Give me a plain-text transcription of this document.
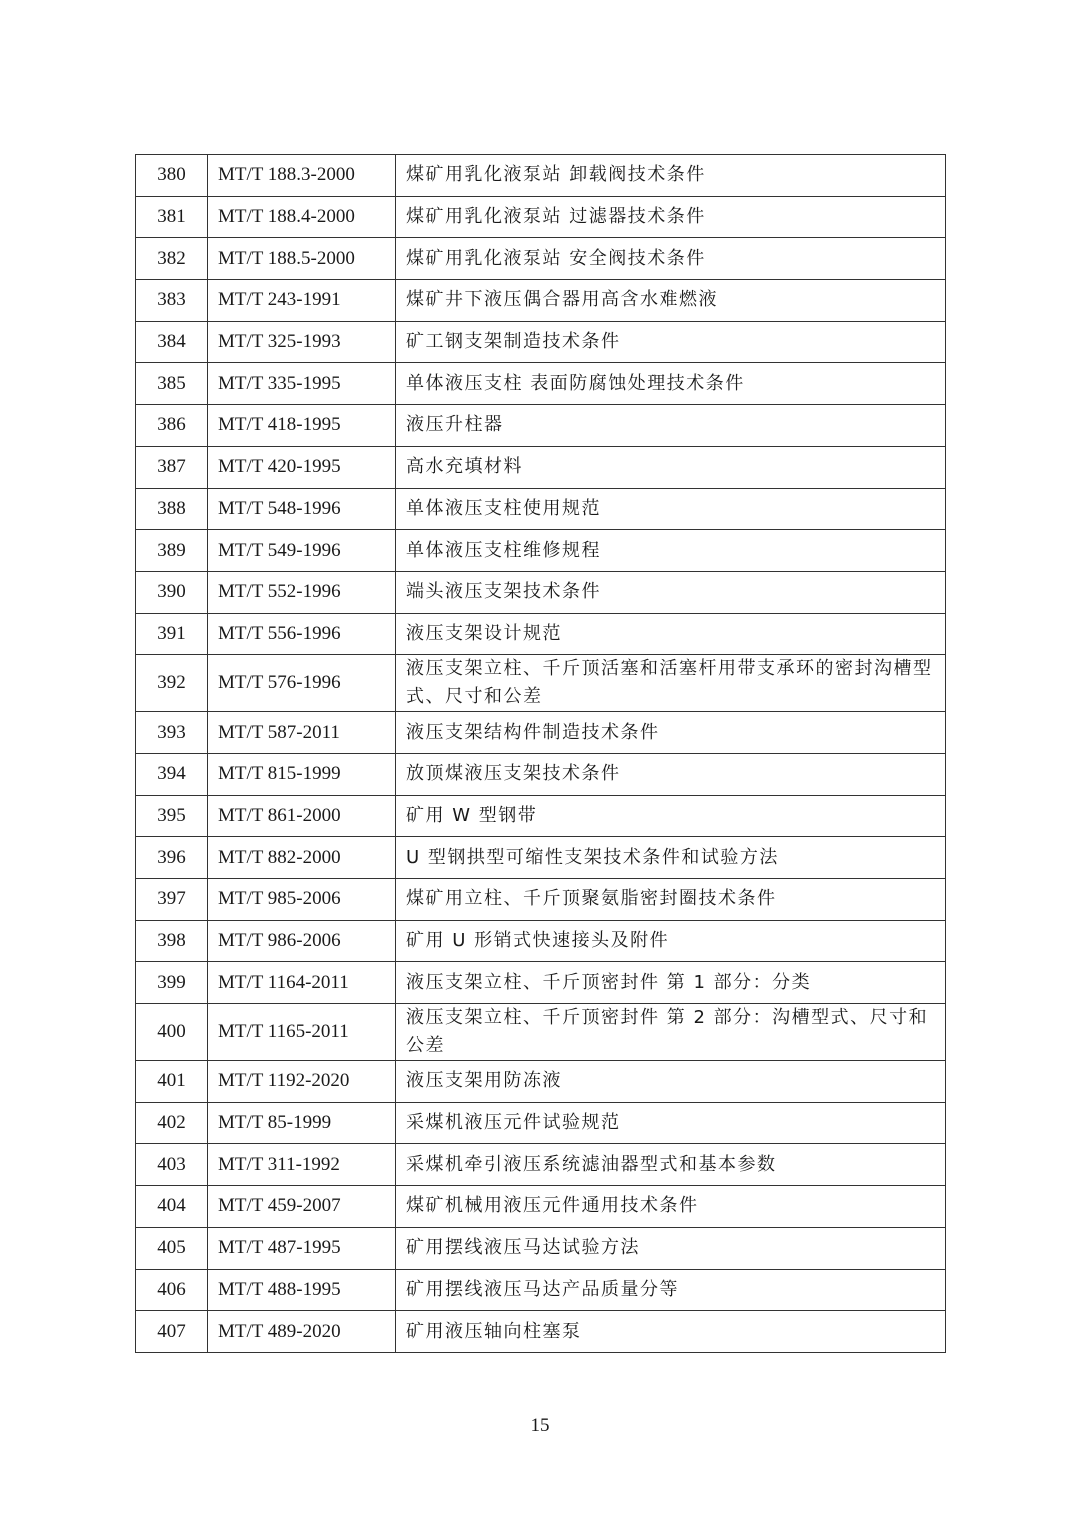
380	MT/T 188.3-2000	煤矿用乳化液泵站 卸载阀技术条件
381	MT/T 188.4-2000	煤矿用乳化液泵站 过滤器技术条件
382	MT/T 188.5-2000	煤矿用乳化液泵站 安全阀技术条件
383	MT/T 243-1991	煤矿井下液压偶合器用高含水难燃液
384	MT/T 325-1993	矿工钢支架制造技术条件
385	MT/T 335-1995	单体液压支柱 表面防腐蚀处理技术条件
386	MT/T 418-1995	液压升柱器
387	MT/T 420-1995	高水充填材料
388	MT/T 548-1996	单体液压支柱使用规范
389	MT/T 549-1996	单体液压支柱维修规程
390	MT/T 552-1996	端头液压支架技术条件
391	MT/T 556-1996	液压支架设计规范
392	MT/T 576-1996	液压支架立柱、千斤顶活塞和活塞杆用带支承环的密封沟槽型式、尺寸和公差
393	MT/T 587-2011	液压支架结构件制造技术条件
394	MT/T 815-1999	放顶煤液压支架技术条件
395	MT/T 861-2000	矿用 W 型钢带
396	MT/T 882-2000	U 型钢拱型可缩性支架技术条件和试验方法
397	MT/T 985-2006	煤矿用立柱、千斤顶聚氨脂密封圈技术条件
398	MT/T 986-2006	矿用 U 形销式快速接头及附件
399	MT/T 1164-2011	液压支架立柱、千斤顶密封件 第 1 部分：分类
400	MT/T 1165-2011	液压支架立柱、千斤顶密封件 第 2 部分：沟槽型式、尺寸和公差
401	MT/T 1192-2020	液压支架用防冻液
402	MT/T 85-1999	采煤机液压元件试验规范
403	MT/T 311-1992	采煤机牵引液压系统滤油器型式和基本参数
404	MT/T 459-2007	煤矿机械用液压元件通用技术条件
405	MT/T 487-1995	矿用摆线液压马达试验方法
406	MT/T 488-1995	矿用摆线液压马达产品质量分等
407	MT/T 489-2020	矿用液压轴向柱塞泵
15
